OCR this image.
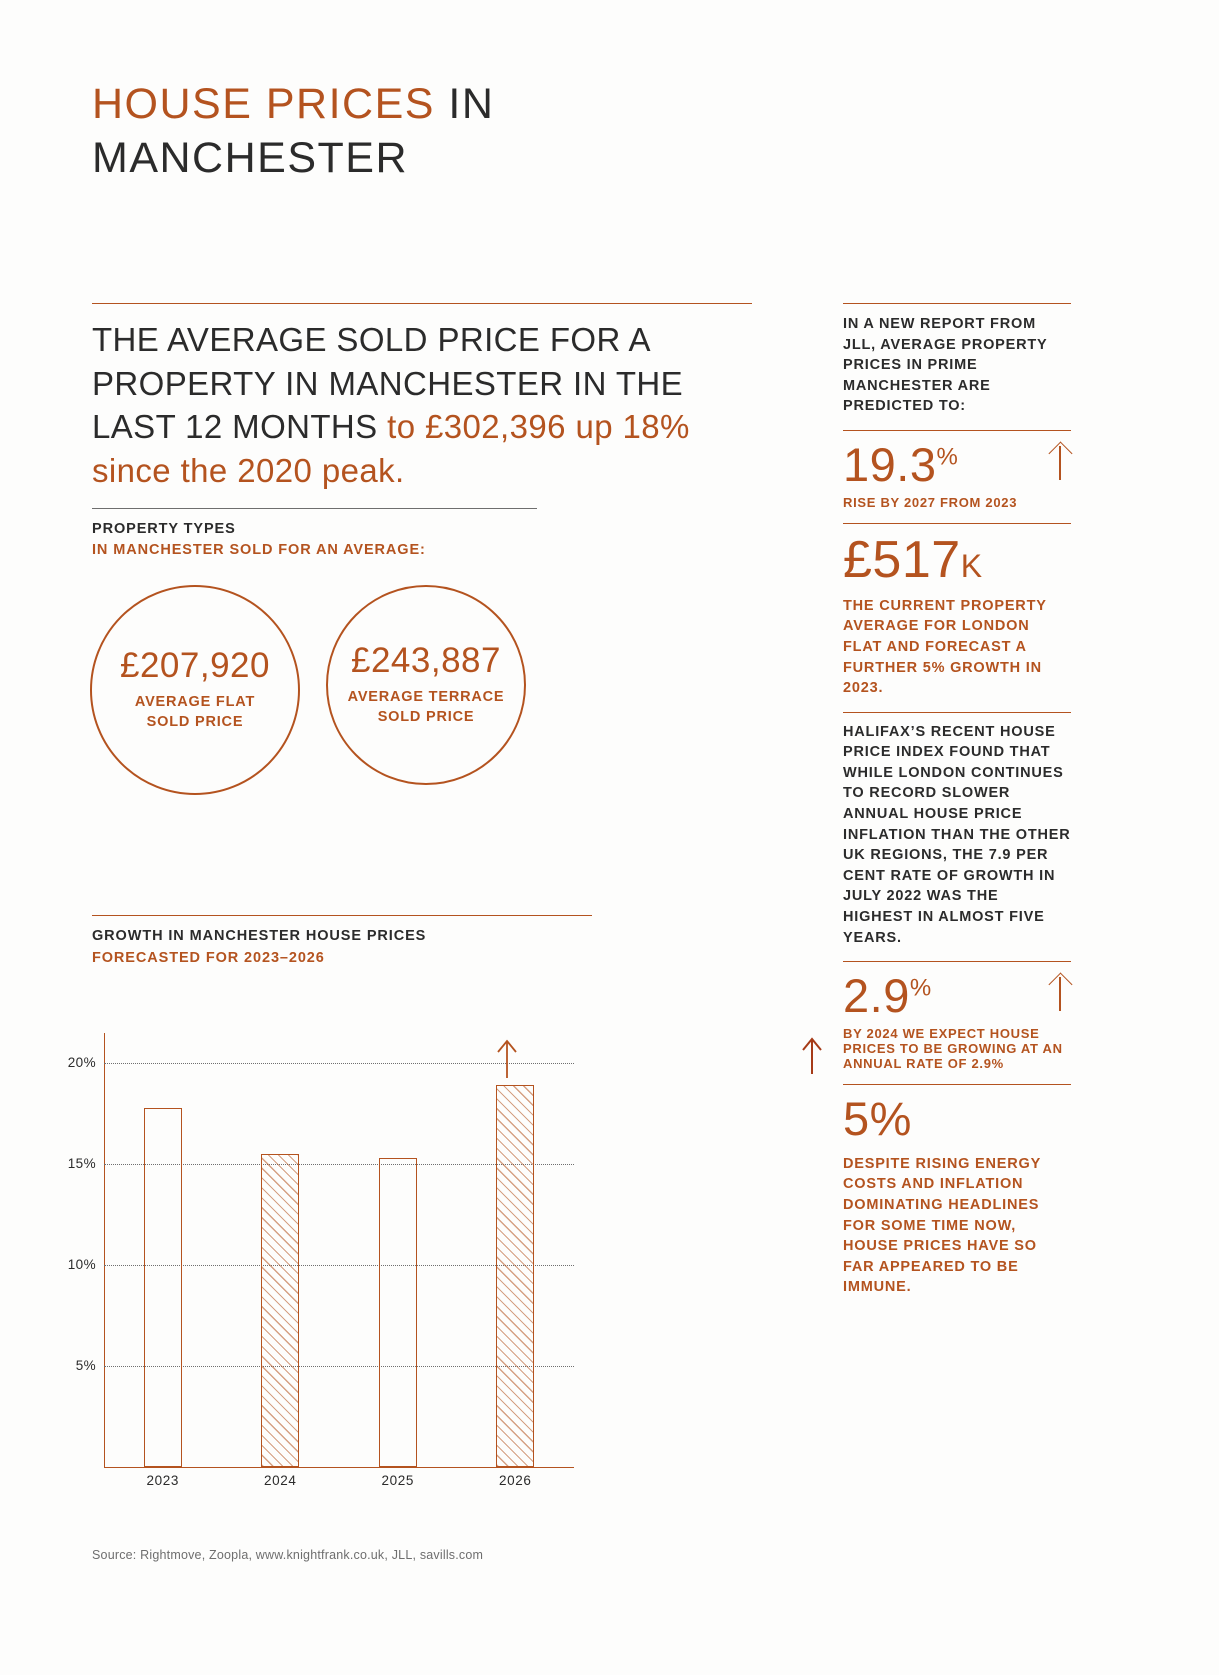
HOUSE PRICES IN
MANCHESTER
THE AVERAGE SOLD PRICE FOR A PROPERTY IN MANCHESTER IN THE LAST 12 MONTHS to £302,396 up 18% since the 2020 peak.
PROPERTY TYPES
IN MANCHESTER SOLD FOR AN AVERAGE:
£207,920
AVERAGE FLAT
SOLD PRICE
£243,887
AVERAGE TERRACE
SOLD PRICE
GROWTH IN MANCHESTER HOUSE PRICES
FORECASTED FOR 2023–2026
5%
10%
15%
20%
2023	2024	2025	2026
Source: Rightmove, Zoopla, www.knightfrank.co.uk, JLL, savills.com
IN A NEW REPORT FROM JLL, AVERAGE PROPERTY PRICES IN PRIME MANCHESTER ARE PREDICTED TO:
19.3%
RISE BY 2027 FROM 2023
£517K
THE CURRENT PROPERTY AVERAGE FOR LONDON FLAT AND FORECAST A FURTHER 5% GROWTH IN 2023.
HALIFAX’S RECENT HOUSE PRICE INDEX FOUND THAT WHILE LONDON CONTINUES TO RECORD SLOWER ANNUAL HOUSE PRICE INFLATION THAN THE OTHER UK REGIONS, THE 7.9 PER CENT RATE OF GROWTH IN JULY 2022 WAS THE HIGHEST IN ALMOST FIVE YEARS.
2.9%
BY 2024 WE EXPECT HOUSE PRICES TO BE GROWING AT AN ANNUAL RATE OF 2.9%
5%
DESPITE RISING ENERGY COSTS AND INFLATION DOMINATING HEADLINES FOR SOME TIME NOW, HOUSE PRICES HAVE SO FAR APPEARED TO BE IMMUNE.
